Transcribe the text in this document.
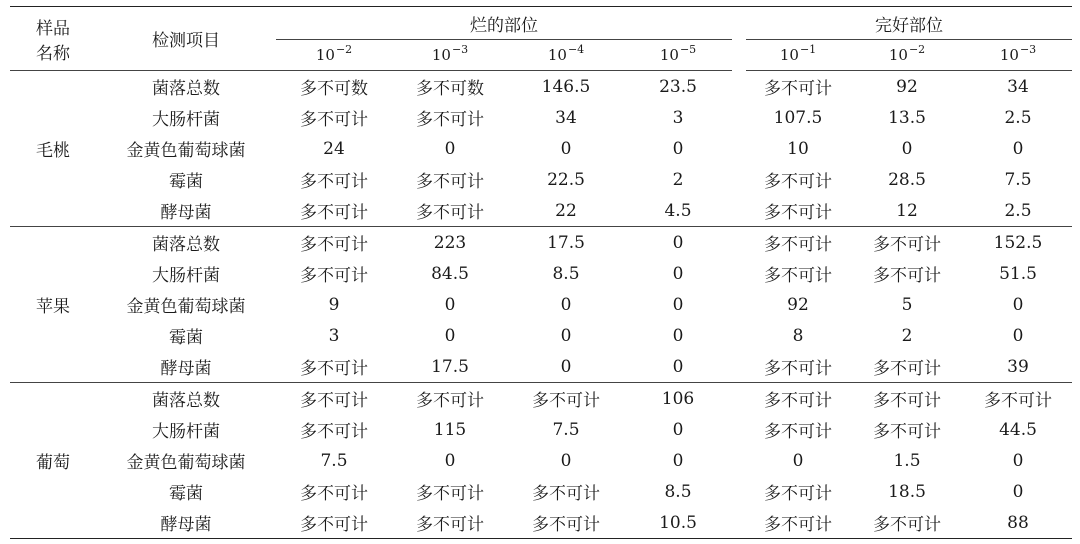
样品
名称	检测项目	烂的部位					完好部位		
		$10^{-2}$	$10^{-3}$	$10^{-4}$	$10^{-5}$		$10^{-1}$	$10^{-2}$	$10^{-3}$
毛桃	菌落总数	多不可数	多不可数	146.5	23.5		多不可计	92	34
	大肠杆菌	多不可计	多不可计	34	3		107.5	13.5	2.5
	金黄色葡萄球菌	24	0	0	0		10	0	0
	霉菌	多不可计	多不可计	22.5	2		多不可计	28.5	7.5
	酵母菌	多不可计	多不可计	22	4.5		多不可计	12	2.5
苹果	菌落总数	多不可计	223	17.5	0		多不可计	多不可计	152.5
	大肠杆菌	多不可计	84.5	8.5	0		多不可计	多不可计	51.5
	金黄色葡萄球菌	9	0	0	0		92	5	0
	霉菌	3	0	0	0		8	2	0
	酵母菌	多不可计	17.5	0	0		多不可计	多不可计	39
葡萄	菌落总数	多不可计	多不可计	多不可计	106		多不可计	多不可计	多不可计
	大肠杆菌	多不可计	115	7.5	0		多不可计	多不可计	44.5
	金黄色葡萄球菌	7.5	0	0	0		0	1.5	0
	霉菌	多不可计	多不可计	多不可计	8.5		多不可计	18.5	0
	酵母菌	多不可计	多不可计	多不可计	10.5		多不可计	多不可计	88
